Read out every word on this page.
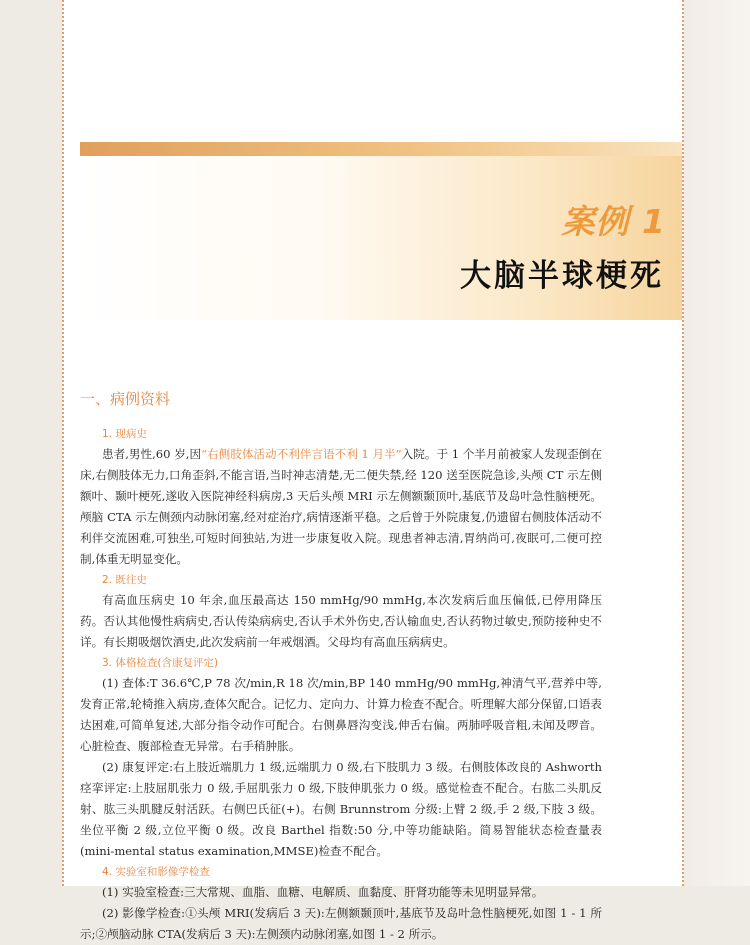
案例 1
大脑半球梗死
一、病例资料
1. 现病史

患者,男性,60 岁,因“右侧肢体活动不利伴言语不利 1 月半”入院。于 1 个半月前被家人发现歪倒在床,右侧肢体无力,口角歪斜,不能言语,当时神志清楚,无二便失禁,经 120 送至医院急诊,头颅 CT 示左侧额叶、颞叶梗死,遂收入医院神经科病房,3 天后头颅 MRI 示左侧额颞顶叶,基底节及岛叶急性脑梗死。颅脑 CTA 示左侧颈内动脉闭塞,经对症治疗,病情逐渐平稳。之后曾于外院康复,仍遗留右侧肢体活动不利伴交流困难,可独坐,可短时间独站,为进一步康复收入院。现患者神志清,胃纳尚可,夜眠可,二便可控制,体重无明显变化。

2. 既往史

有高血压病史 10 年余,血压最高达 150 mmHg/90 mmHg,本次发病后血压偏低,已停用降压药。否认其他慢性病病史,否认传染病病史,否认手术外伤史,否认输血史,否认药物过敏史,预防接种史不详。有长期吸烟饮酒史,此次发病前一年戒烟酒。父母均有高血压病病史。

3. 体格检查(含康复评定)

(1) 查体:T 36.6℃,P 78 次/min,R 18 次/min,BP 140 mmHg/90 mmHg,神清气平,营养中等,发育正常,轮椅推入病房,查体欠配合。记忆力、定向力、计算力检查不配合。听理解大部分保留,口语表达困难,可简单复述,大部分指令动作可配合。右侧鼻唇沟变浅,伸舌右偏。两肺呼吸音粗,未闻及啰音。心脏检查、腹部检查无异常。右手稍肿胀。

(2) 康复评定:右上肢近端肌力 1 级,远端肌力 0 级,右下肢肌力 3 级。右侧肢体改良的 Ashworth 痉挛评定:上肢屈肌张力 0 级,手屈肌张力 0 级,下肢伸肌张力 0 级。感觉检查不配合。右肱二头肌反射、肱三头肌腱反射活跃。右侧巴氏征(+)。右侧 Brunnstrom 分级:上臂 2 级,手 2 级,下肢 3 级。坐位平衡 2 级,立位平衡 0 级。改良 Barthel 指数:50 分,中等功能缺陷。简易智能状态检查量表(mini-mental status examination,MMSE)检查不配合。

4. 实验室和影像学检查

(1) 实验室检查:三大常规、血脂、血糖、电解质、血黏度、肝肾功能等未见明显异常。

(2) 影像学检查:①头颅 MRI(发病后 3 天):左侧额颞顶叶,基底节及岛叶急性脑梗死,如图 1 - 1 所示;②颅脑动脉 CTA(发病后 3 天):左侧颈内动脉闭塞,如图 1 - 2 所示。
